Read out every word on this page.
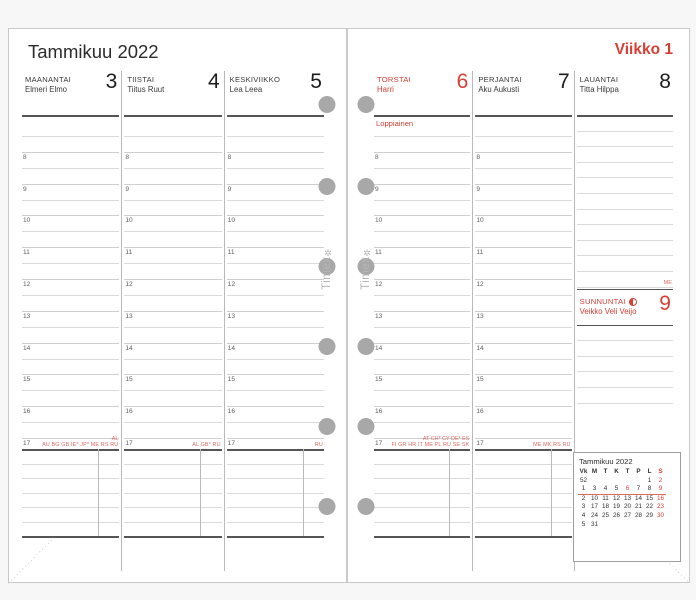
Tammikuu 2022
MAANANTAI
Elmeri Elmo	3
8
9
10
11
12
13
14
15
16
17
AL
AU BG GB IE* JP* ME RS RU
TIISTAI
Tiitus Ruut	4
8
9
10
11
12
13
14
15
16
17	AL GB* RU
KESKIVIIKKO
Lea Leea	5
8
9
10
11
12
13
14
15
16
17	RU
Viikko 1
TORSTAI
Harri	6
Loppiainen
8
9
10
11
12
13
14
15
16
17
AT CH* CY DE* ES
FI GR HR IT ME PL RU SE SK
PERJANTAI
Aku Aukusti	7
8
9
10
11
12
13
14
15
16
17	ME MK RS RU
LAUANTAI
Titta Hilppa	8
ME
SUNNUNTAI
Veikko Veli Veijo	9
Timex✲
Timex✲
Tammikuu 2022
Vk	M	T	K	T	P	L	S
52						1	2
1	3	4	5	6	7	8	9
2	10	11	12	13	14	15	16
3	17	18	19	20	21	22	23
4	24	25	26	27	28	29	30
5	31						
